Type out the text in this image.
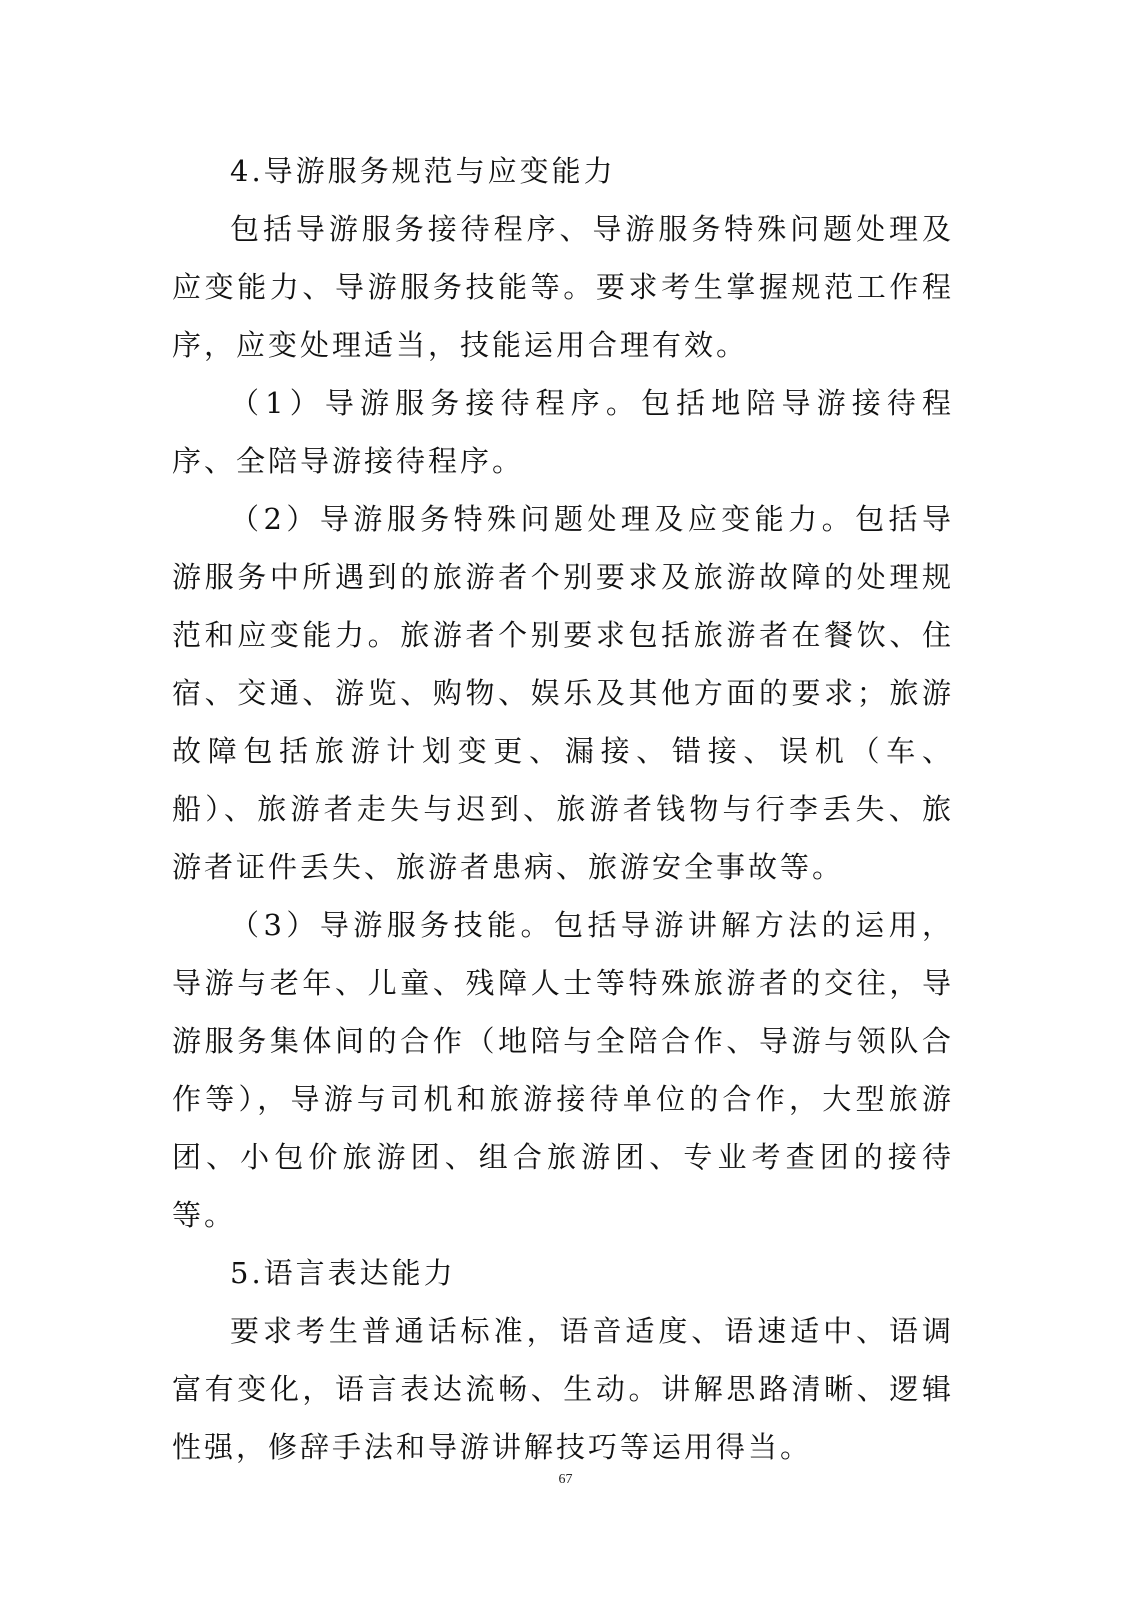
4.导游服务规范与应变能力

包括导游服务接待程序、导游服务特殊问题处理及应变能力、导游服务技能等。要求考生掌握规范工作程序，应变处理适当，技能运用合理有效。

（1）导游服务接待程序。包括地陪导游接待程序、全陪导游接待程序。

（2）导游服务特殊问题处理及应变能力。包括导游服务中所遇到的旅游者个别要求及旅游故障的处理规范和应变能力。旅游者个别要求包括旅游者在餐饮、住宿、交通、游览、购物、娱乐及其他方面的要求；旅游故障包括旅游计划变更、漏接、错接、误机（车、船）、旅游者走失与迟到、旅游者钱物与行李丢失、旅游者证件丢失、旅游者患病、旅游安全事故等。

（3）导游服务技能。包括导游讲解方法的运用，导游与老年、儿童、残障人士等特殊旅游者的交往，导游服务集体间的合作（地陪与全陪合作、导游与领队合作等），导游与司机和旅游接待单位的合作，大型旅游团、小包价旅游团、组合旅游团、专业考查团的接待等。

5.语言表达能力

要求考生普通话标准，语音适度、语速适中、语调富有变化，语言表达流畅、生动。讲解思路清晰、逻辑性强，修辞手法和导游讲解技巧等运用得当。

67
